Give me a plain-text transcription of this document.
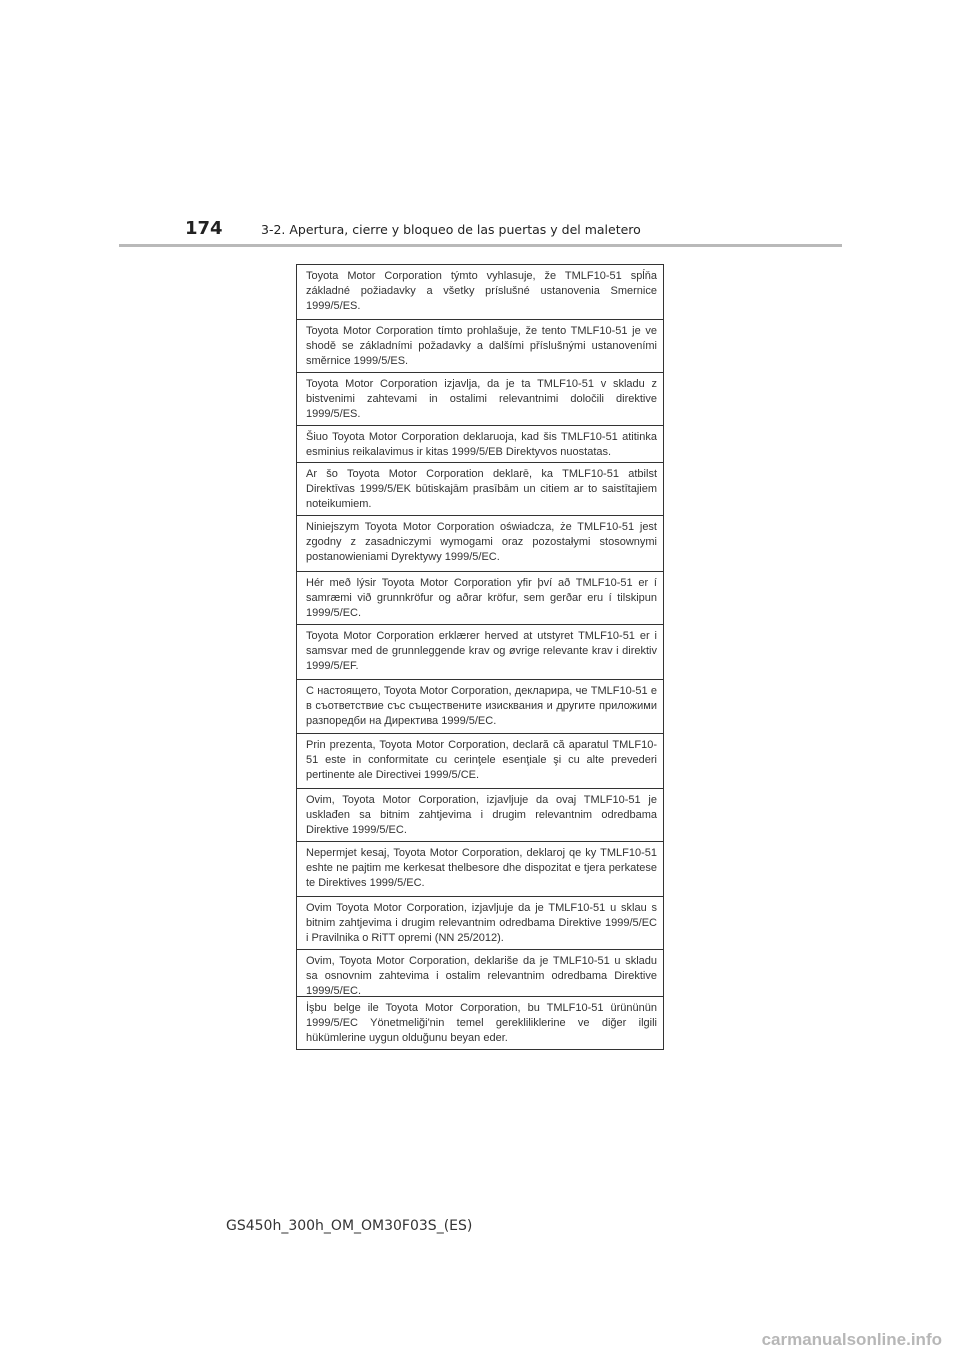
174	3-2. Apertura, cierre y bloqueo de las puertas y del maletero
Toyota Motor Corporation týmto vyhlasuje, že TMLF10-51 spĺňa základné požiadavky a všetky príslušné ustanovenia Smernice 1999/5/ES.
Toyota Motor Corporation tímto prohlašuje, že tento TMLF10-51 je ve shodě se základními požadavky a dalšími příslušnými ustanoveními směrnice 1999/5/ES.
Toyota Motor Corporation izjavlja, da je ta TMLF10-51 v skladu z bistvenimi zahtevami in ostalimi relevantnimi določili direktive 1999/5/ES.
Šiuo Toyota Motor Corporation deklaruoja, kad šis TMLF10-51 atitinka esminius reikalavimus ir kitas 1999/5/EB Direktyvos nuostatas.
Ar šo Toyota Motor Corporation deklarē, ka TMLF10-51 atbilst Direktīvas 1999/5/EK būtiskajām prasībām un citiem ar to saistītajiem noteikumiem.
Niniejszym Toyota Motor Corporation oświadcza, że TMLF10-51 jest zgodny z zasadniczymi wymogami oraz pozostałymi stosownymi postanowieniami Dyrektywy 1999/5/EC.
Hér með lýsir Toyota Motor Corporation yfir því að TMLF10-51 er í samræmi við grunnkröfur og aðrar kröfur, sem gerðar eru í tilskipun 1999/5/EC.
Toyota Motor Corporation erklærer herved at utstyret TMLF10-51 er i samsvar med de grunnleggende krav og øvrige relevante krav i direktiv 1999/5/EF.
С настоящето, Toyota Motor Corporation, декларира, че TMLF10-51 е в съответствие със съществените изисквания и другите приложими разпоредби на Директива 1999/5/ЕС.
Prin prezenta, Toyota Motor Corporation, declară că aparatul TMLF10-51 este in conformitate cu cerinţele esenţiale şi cu alte prevederi pertinente ale Directivei 1999/5/CE.
Ovim, Toyota Motor Corporation, izjavljuje da ovaj TMLF10-51 je usklađen sa bitnim zahtjevima i drugim relevantnim odredbama Direktive 1999/5/EC.
Nepermjet kesaj, Toyota Motor Corporation, deklaroj qe ky TMLF10-51 eshte ne pajtim me kerkesat thelbesore dhe dispozitat e tjera perkatese te Direktives 1999/5/EC.
Ovim Toyota Motor Corporation, izjavljuje da je TMLF10-51 u sklau s bitnim zahtjevima i drugim relevantnim odredbama Direktive 1999/5/EC i Pravilnika o RiTT opremi (NN 25/2012).
Ovim, Toyota Motor Corporation, deklariše da je TMLF10-51 u skladu sa osnovnim zahtevima i ostalim relevantnim odredbama Direktive 1999/5/EC.
İşbu belge ile Toyota Motor Corporation, bu TMLF10-51 ürününün 1999/5/EC Yönetmeliği'nin temel gerekliliklerine ve diğer ilgili hükümlerine uygun olduğunu beyan eder.
GS450h_300h_OM_OM30F03S_(ES)
carmanualsonline.info
